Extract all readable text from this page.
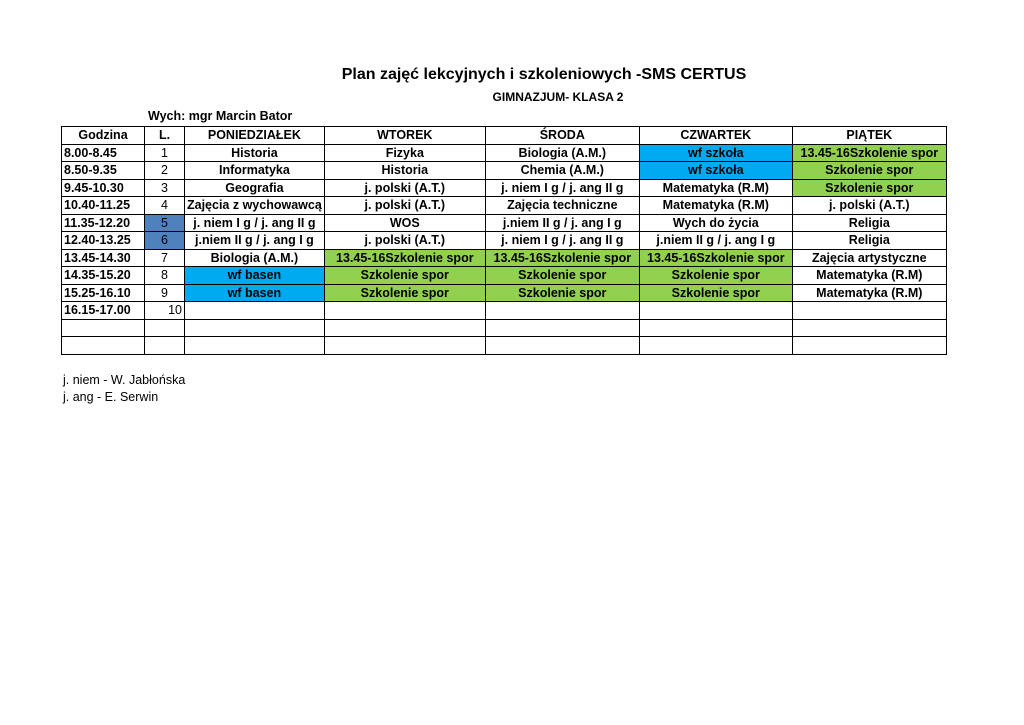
Plan zajęć lekcyjnych i szkoleniowych -SMS CERTUS
GIMNAZJUM- KLASA 2
Wych: mgr Marcin Bator
Godzina	L.	PONIEDZIAŁEK	WTOREK	ŚRODA	CZWARTEK	PIĄTEK
8.00-8.45	1	Historia	Fizyka	Biologia (A.M.)	wf szkoła	13.45-16Szkolenie spor
8.50-9.35	2	Informatyka	Historia	Chemia (A.M.)	wf szkoła	Szkolenie spor
9.45-10.30	3	Geografia	j. polski (A.T.)	j. niem I g / j. ang II g	Matematyka (R.M)	Szkolenie spor
10.40-11.25	4	Zajęcia z wychowawcą	j. polski (A.T.)	Zajęcia techniczne	Matematyka (R.M)	j. polski (A.T.)
11.35-12.20	5	j. niem I g / j. ang II g	WOS	j.niem II g / j. ang I g	Wych do życia	Religia
12.40-13.25	6	j.niem II g / j. ang I g	j. polski (A.T.)	j. niem I g / j. ang II g	j.niem II g / j. ang I g	Religia
13.45-14.30	7	Biologia (A.M.)	13.45-16Szkolenie spor	13.45-16Szkolenie spor	13.45-16Szkolenie spor	Zajęcia artystyczne
14.35-15.20	8	wf basen	Szkolenie spor	Szkolenie spor	Szkolenie spor	Matematyka (R.M)
15.25-16.10	9	wf basen	Szkolenie spor	Szkolenie spor	Szkolenie spor	Matematyka (R.M)
16.15-17.00	10					

j. niem - W. Jabłońska
j. ang - E. Serwin
